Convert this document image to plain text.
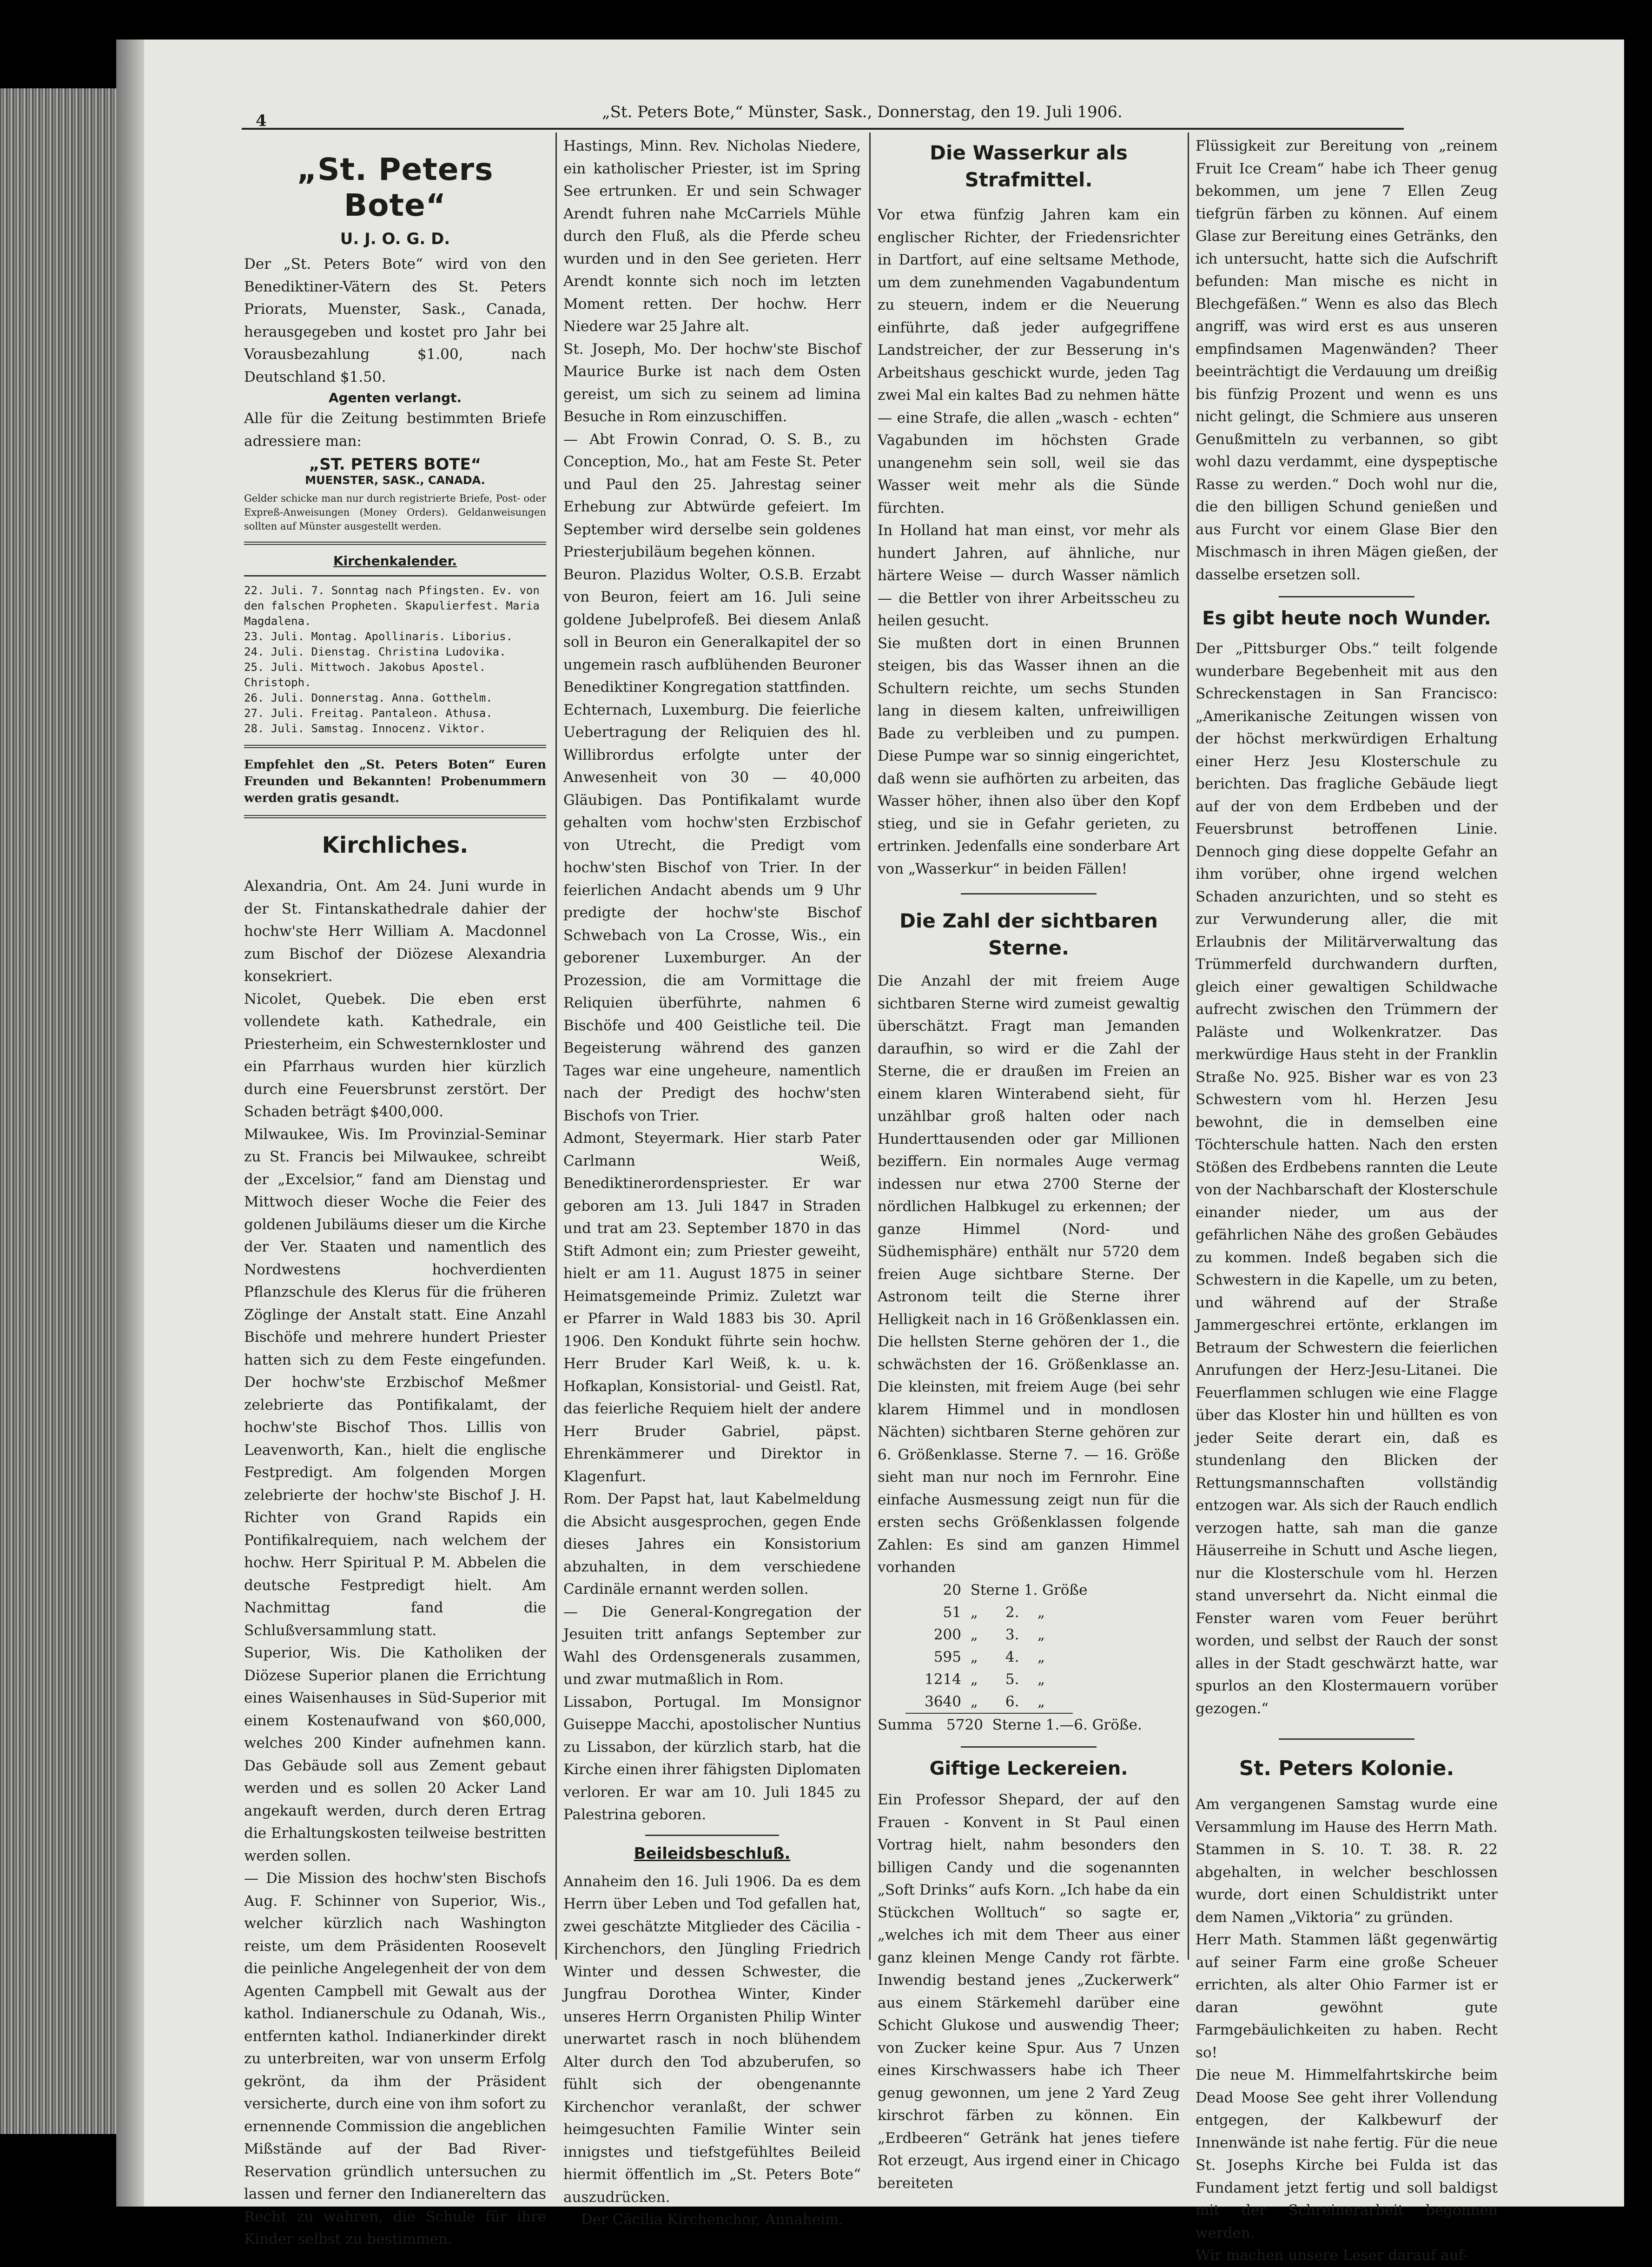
4	„St. Peters Bote,“ Münster, Sask., Donnerstag, den 19. Juli 1906.
„St. Peters Bote“
U. J. O. G. D.

Der „St. Peters Bote“ wird von den Benediktiner-Vätern des St. Peters Priorats, Muenster, Sask., Canada, herausgegeben und kostet pro Jahr bei Vorausbezahlung $1.00, nach Deutschland $1.50.

Agenten verlangt.

Alle für die Zeitung bestimmten Briefe adressiere man:

„ST. PETERS BOTE“
MUENSTER, SASK., CANADA.

Gelder schicke man nur durch registrierte Briefe, Post- oder Expreß-Anweisungen (Money Orders). Geldanweisungen sollten auf Münster ausgestellt werden.

Kirchenkalender.
22. Juli. 7. Sonntag nach Pfingsten. Ev. von den falschen Propheten. Skapulierfest. Maria Magdalena.
23. Juli. Montag. Apollinaris. Liborius.
24. Juli. Dienstag. Christina Ludovika.
25. Juli. Mittwoch. Jakobus Apostel. Christoph.
26. Juli. Donnerstag. Anna. Gotthelm.
27. Juli. Freitag. Pantaleon. Athusa.
28. Juli. Samstag. Innocenz. Viktor.

Empfehlet den „St. Peters Boten“ Euren Freunden und Bekannten! Probenummern werden gratis gesandt.

Kirchliches.

Alexandria, Ont. Am 24. Juni wurde in der St. Fintanskathedrale dahier der hochw'ste Herr William A. Macdonnel zum Bischof der Diözese Alexandria konsekriert.

Nicolet, Quebek. Die eben erst vollendete kath. Kathedrale, ein Priesterheim, ein Schwesternkloster und ein Pfarrhaus wurden hier kürzlich durch eine Feuersbrunst zerstört. Der Schaden beträgt $400,000.

Milwaukee, Wis. Im Provinzial-Seminar zu St. Francis bei Milwaukee, schreibt der „Excelsior,“ fand am Dienstag und Mittwoch dieser Woche die Feier des goldenen Jubiläums dieser um die Kirche der Ver. Staaten und namentlich des Nordwestens hochverdienten Pflanzschule des Klerus für die früheren Zöglinge der Anstalt statt. Eine Anzahl Bischöfe und mehrere hundert Priester hatten sich zu dem Feste eingefunden. Der hochw'ste Erzbischof Meßmer zelebrierte das Pontifikalamt, der hochw'ste Bischof Thos. Lillis von Leavenworth, Kan., hielt die englische Festpredigt. Am folgenden Morgen zelebrierte der hochw'ste Bischof J. H. Richter von Grand Rapids ein Pontifikalrequiem, nach welchem der hochw. Herr Spiritual P. M. Abbelen die deutsche Festpredigt hielt. Am Nachmittag fand die Schlußversammlung statt.

Superior, Wis. Die Katholiken der Diözese Superior planen die Errichtung eines Waisenhauses in Süd-Superior mit einem Kostenaufwand von $60,000, welches 200 Kinder aufnehmen kann. Das Gebäude soll aus Zement gebaut werden und es sollen 20 Acker Land angekauft werden, durch deren Ertrag die Erhaltungskosten teilweise bestritten werden sollen.

— Die Mission des hochw'sten Bischofs Aug. F. Schinner von Superior, Wis., welcher kürzlich nach Washington reiste, um dem Präsidenten Roosevelt die peinliche Angelegenheit der von dem Agenten Campbell mit Gewalt aus der kathol. Indianerschule zu Odanah, Wis., entfernten kathol. Indianerkinder direkt zu unterbreiten, war von unserm Erfolg gekrönt, da ihm der Präsident versicherte, durch eine von ihm sofort zu ernennende Commission die angeblichen Mißstände auf der Bad River-Reservation gründlich untersuchen zu lassen und ferner den Indianereltern das Recht zu wahren, die Schule für ihre Kinder selbst zu bestimmen.

Hastings, Minn. Rev. Nicholas Niedere, ein katholischer Priester, ist im Spring See ertrunken. Er und sein Schwager Arendt fuhren nahe McCarriels Mühle durch den Fluß, als die Pferde scheu wurden und in den See gerieten. Herr Arendt konnte sich noch im letzten Moment retten. Der hochw. Herr Niedere war 25 Jahre alt.

St. Joseph, Mo. Der hochw'ste Bischof Maurice Burke ist nach dem Osten gereist, um sich zu seinem ad limina Besuche in Rom einzuschiffen.

— Abt Frowin Conrad, O. S. B., zu Conception, Mo., hat am Feste St. Peter und Paul den 25. Jahrestag seiner Erhebung zur Abtwürde gefeiert. Im September wird derselbe sein goldenes Priesterjubiläum begehen können.

Beuron. Plazidus Wolter, O.S.B. Erzabt von Beuron, feiert am 16. Juli seine goldene Jubelprofeß. Bei diesem Anlaß soll in Beuron ein Generalkapitel der so ungemein rasch aufblühenden Beuroner Benediktiner Kongregation stattfinden.

Echternach, Luxemburg. Die feierliche Uebertragung der Reliquien des hl. Willibrordus erfolgte unter der Anwesenheit von 30 — 40,000 Gläubigen. Das Pontifikalamt wurde gehalten vom hochw'sten Erzbischof von Utrecht, die Predigt vom hochw'sten Bischof von Trier. In der feierlichen Andacht abends um 9 Uhr predigte der hochw'ste Bischof Schwebach von La Crosse, Wis., ein geborener Luxemburger. An der Prozession, die am Vormittage die Reliquien überführte, nahmen 6 Bischöfe und 400 Geistliche teil. Die Begeisterung während des ganzen Tages war eine ungeheure, namentlich nach der Predigt des hochw'sten Bischofs von Trier.

Admont, Steyermark. Hier starb Pater Carlmann Weiß, Benediktinerordenspriester. Er war geboren am 13. Juli 1847 in Straden und trat am 23. September 1870 in das Stift Admont ein; zum Priester geweiht, hielt er am 11. August 1875 in seiner Heimatsgemeinde Primiz. Zuletzt war er Pfarrer in Wald 1883 bis 30. April 1906. Den Kondukt führte sein hochw. Herr Bruder Karl Weiß, k. u. k. Hofkaplan, Konsistorial- und Geistl. Rat, das feierliche Requiem hielt der andere Herr Bruder Gabriel, päpst. Ehrenkämmerer und Direktor in Klagenfurt.

Rom. Der Papst hat, laut Kabelmeldung die Absicht ausgesprochen, gegen Ende dieses Jahres ein Konsistorium abzuhalten, in dem verschiedene Cardinäle ernannt werden sollen.

— Die General-Kongregation der Jesuiten tritt anfangs September zur Wahl des Ordensgenerals zusammen, und zwar mutmaßlich in Rom.

Lissabon, Portugal. Im Monsignor Guiseppe Macchi, apostolischer Nuntius zu Lissabon, der kürzlich starb, hat die Kirche einen ihrer fähigsten Diplomaten verloren. Er war am 10. Juli 1845 zu Palestrina geboren.

Beileidsbeschluß.

Annaheim den 16. Juli 1906. Da es dem Herrn über Leben und Tod gefallen hat, zwei geschätzte Mitglieder des Cäcilia - Kirchenchors, den Jüngling Friedrich Winter und dessen Schwester, die Jungfrau Dorothea Winter, Kinder unseres Herrn Organisten Philip Winter unerwartet rasch in noch blühendem Alter durch den Tod abzuberufen, so fühlt sich der obengenannte Kirchenchor veranlaßt, der schwer heimgesuchten Familie Winter sein innigstes und tiefstgefühltes Beileid hiermit öffentlich im „St. Peters Bote“ auszudrücken.

Der Cäcilia Kirchenchor, Annaheim.

Die Wasserkur als Strafmittel.

Vor etwa fünfzig Jahren kam ein englischer Richter, der Friedensrichter in Dartfort, auf eine seltsame Methode, um dem zunehmenden Vagabundentum zu steuern, indem er die Neuerung einführte, daß jeder aufgegriffene Landstreicher, der zur Besserung in's Arbeitshaus geschickt wurde, jeden Tag zwei Mal ein kaltes Bad zu nehmen hätte — eine Strafe, die allen „wasch - echten“ Vagabunden im höchsten Grade unangenehm sein soll, weil sie das Wasser weit mehr als die Sünde fürchten.

In Holland hat man einst, vor mehr als hundert Jahren, auf ähnliche, nur härtere Weise — durch Wasser nämlich — die Bettler von ihrer Arbeitsscheu zu heilen gesucht.

Sie mußten dort in einen Brunnen steigen, bis das Wasser ihnen an die Schultern reichte, um sechs Stunden lang in diesem kalten, unfreiwilligen Bade zu verbleiben und zu pumpen. Diese Pumpe war so sinnig eingerichtet, daß wenn sie aufhörten zu arbeiten, das Wasser höher, ihnen also über den Kopf stieg, und sie in Gefahr gerieten, zu ertrinken. Jedenfalls eine sonderbare Art von „Wasserkur“ in beiden Fällen!

Die Zahl der sichtbaren Sterne.

Die Anzahl der mit freiem Auge sichtbaren Sterne wird zumeist gewaltig überschätzt. Fragt man Jemanden daraufhin, so wird er die Zahl der Sterne, die er draußen im Freien an einem klaren Winterabend sieht, für unzählbar groß halten oder nach Hunderttausenden oder gar Millionen beziffern. Ein normales Auge vermag indessen nur etwa 2700 Sterne der nördlichen Halbkugel zu erkennen; der ganze Himmel (Nord- und Südhemisphäre) enthält nur 5720 dem freien Auge sichtbare Sterne. Der Astronom teilt die Sterne ihrer Helligkeit nach in 16 Größenklassen ein. Die hellsten Sterne gehören der 1., die schwächsten der 16. Größenklasse an. Die kleinsten, mit freiem Auge (bei sehr klarem Himmel und in mondlosen Nächten) sichtbaren Sterne gehören zur 6. Größenklasse. Sterne 7. — 16. Größe sieht man nur noch im Fernrohr. Eine einfache Ausmessung zeigt nun für die ersten sechs Größenklassen folgende Zahlen: Es sind am ganzen Himmel vorhanden

20 Sterne 1. Größe
51 „      2.    „
200 „      3.    „
595 „      4.    „
1214 „      5.    „
3640 „      6.    „

Summa   5720  Sterne 1.—6. Größe.

Giftige Leckereien.

Ein Professor Shepard, der auf den Frauen - Konvent in St Paul einen Vortrag hielt, nahm besonders den billigen Candy und die sogenannten „Soft Drinks“ aufs Korn. „Ich habe da ein Stückchen Wolltuch“ so sagte er, „welches ich mit dem Theer aus einer ganz kleinen Menge Candy rot färbte. Inwendig bestand jenes „Zuckerwerk“ aus einem Stärkemehl darüber eine Schicht Glukose und auswendig Theer; von Zucker keine Spur. Aus 7 Unzen eines Kirschwassers habe ich Theer genug gewonnen, um jene 2 Yard Zeug kirschrot färben zu können. Ein „Erdbeeren“ Getränk hat jenes tiefere Rot erzeugt, Aus irgend einer in Chicago bereiteten

Flüssigkeit zur Bereitung von „reinem Fruit Ice Cream“ habe ich Theer genug bekommen, um jene 7 Ellen Zeug tiefgrün färben zu können. Auf einem Glase zur Bereitung eines Getränks, den ich untersucht, hatte sich die Aufschrift befunden: Man mische es nicht in Blechgefäßen.“ Wenn es also das Blech angriff, was wird erst es aus unseren empfindsamen Magenwänden? Theer beeinträchtigt die Verdauung um dreißig bis fünfzig Prozent und wenn es uns nicht gelingt, die Schmiere aus unseren Genußmitteln zu verbannen, so gibt wohl dazu verdammt, eine dyspeptische Rasse zu werden.“ Doch wohl nur die, die den billigen Schund genießen und aus Furcht vor einem Glase Bier den Mischmasch in ihren Mägen gießen, der dasselbe ersetzen soll.

Es gibt heute noch Wunder.

Der „Pittsburger Obs.“ teilt folgende wunderbare Begebenheit mit aus den Schreckenstagen in San Francisco: „Amerikanische Zeitungen wissen von der höchst merkwürdigen Erhaltung einer Herz Jesu Klosterschule zu berichten. Das fragliche Gebäude liegt auf der von dem Erdbeben und der Feuersbrunst betroffenen Linie. Dennoch ging diese doppelte Gefahr an ihm vorüber, ohne irgend welchen Schaden anzurichten, und so steht es zur Verwunderung aller, die mit Erlaubnis der Militärverwaltung das Trümmerfeld durchwandern durften, gleich einer gewaltigen Schildwache aufrecht zwischen den Trümmern der Paläste und Wolkenkratzer. Das merkwürdige Haus steht in der Franklin Straße No. 925. Bisher war es von 23 Schwestern vom hl. Herzen Jesu bewohnt, die in demselben eine Töchterschule hatten. Nach den ersten Stößen des Erdbebens rannten die Leute von der Nachbarschaft der Klosterschule einander nieder, um aus der gefährlichen Nähe des großen Gebäudes zu kommen. Indeß begaben sich die Schwestern in die Kapelle, um zu beten, und während auf der Straße Jammergeschrei ertönte, erklangen im Betraum der Schwestern die feierlichen Anrufungen der Herz-Jesu-Litanei. Die Feuerflammen schlugen wie eine Flagge über das Kloster hin und hüllten es von jeder Seite derart ein, daß es stundenlang den Blicken der Rettungsmannschaften vollständig entzogen war. Als sich der Rauch endlich verzogen hatte, sah man die ganze Häuserreihe in Schutt und Asche liegen, nur die Klosterschule vom hl. Herzen stand unversehrt da. Nicht einmal die Fenster waren vom Feuer berührt worden, und selbst der Rauch der sonst alles in der Stadt geschwärzt hatte, war spurlos an den Klostermauern vorüber gezogen.“

St. Peters Kolonie.

Am vergangenen Samstag wurde eine Versammlung im Hause des Herrn Math. Stammen in S. 10. T. 38. R. 22 abgehalten, in welcher beschlossen wurde, dort einen Schuldistrikt unter dem Namen „Viktoria“ zu gründen.

Herr Math. Stammen läßt gegenwärtig auf seiner Farm eine große Scheuer errichten, als alter Ohio Farmer ist er daran gewöhnt gute Farmgebäulichkeiten zu haben. Recht so!

Die neue M. Himmelfahrtskirche beim Dead Moose See geht ihrer Vollendung entgegen, der Kalkbewurf der Innenwände ist nahe fertig. Für die neue St. Josephs Kirche bei Fulda ist das Fundament jetzt fertig und soll baldigst mit der Schreinerarbeit begonnen werden.

Wir machen unsere Leser darauf auf-
